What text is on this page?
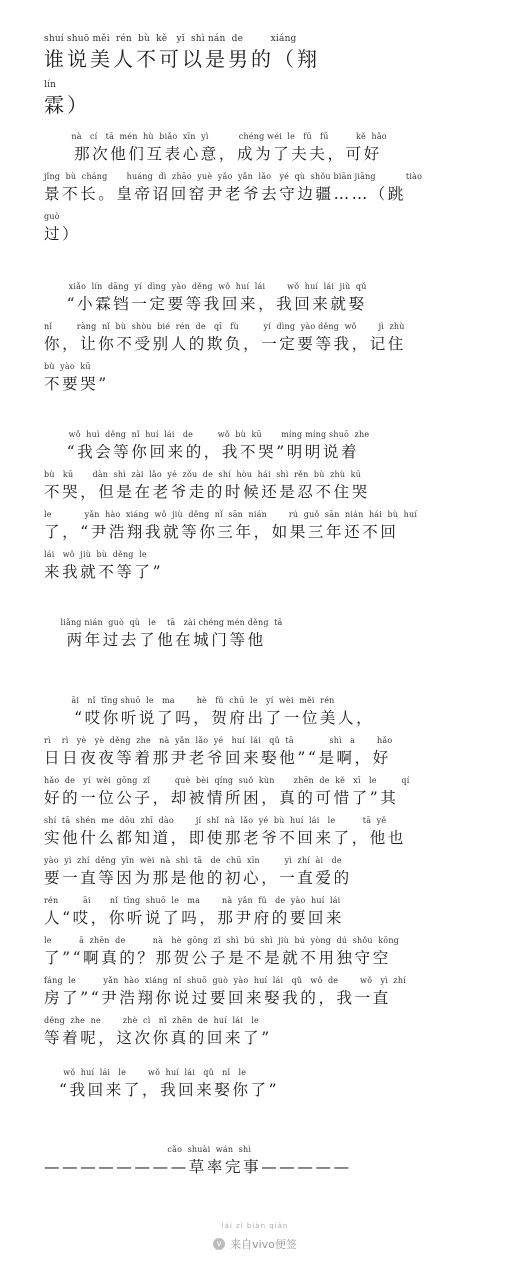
shuí shuō měi  rén  bù  kě   yǐ  shì nán  de         xiáng
谁说美人不可以是男的（翔
lín
霖）
nà   cí   tā  mén  hù  biǎo  xīn  yì           chéng wéi  le   fū   fū          kě  hǎo
那次他们互表心意，成为了夫夫，可好
jǐng  bù  cháng       huáng  dì  zhāo  yuè  yǎo  yǎn  lǎo   yé  qù  shǒu biān jiāng           tiào
景不长。皇帝诏回窑尹老爷去守边疆……（跳
guò
过）
xiǎo  lín  dāng  yí  dìng  yào  děng  wǒ  huí  lái        wǒ  huí  lái  jiù  qǔ
“小霖铛一定要等我回来，我回来就娶
nǐ         ràng  nǐ  bù  shòu  bié  rén  de   qī   fù         yí  dìng  yào děng  wǒ        jì  zhù
你，让你不受别人的欺负，一定要等我，记住
bù  yào  kū
不要哭”
wǒ  huì  děng  nǐ  huí  lái   de         wǒ  bù  kū       míng míng shuō  zhe
“我会等你回来的，我不哭”明明说着
bù   kū       dàn  shì  zài  lǎo  yé  zǒu  de  shí  hòu  hái  shì  rěn  bù  zhù  kū
不哭，但是在老爷走的时候还是忍不住哭
le            yǎn  hào  xiáng  wǒ  jiù  děng  nǐ  sān  nián        rú  guǒ  sān  nián  hái  bù  huí
了，“尹浩翔我就等你三年，如果三年还不回
lái   wǒ  jiù  bù  děng  le
来我就不等了”
liǎng nián  guò  qù   le    tā   zài chéng mén děng  tā
两年过去了他在城门等他
āi   nǐ  tīng shuō  le   ma        hè   fǔ  chū  le   yí  wèi  měi  rén
“哎你听说了吗，贺府出了一位美人，
rì    rì   yè   yè  děng  zhe   nà  yǎn  lǎo  yé   huí  lái   qǔ  tā             shì   a        hǎo
日日夜夜等着那尹老爷回来娶他”“是啊，好
hǎo  de   yí  wèi  gōng  zǐ         què  bèi  qíng  suǒ  kùn       zhēn  de  kě   xī   le         qí
好的一位公子，却被情所困，真的可惜了”其
shí  tā  shén  me  dōu  zhī  dào        jí  shǐ  nà  lǎo  yé  bù  huí  lái   le          tā  yě
实他什么都知道，即使那老爷不回来了，他也
yào  yì  zhí  děng  yīn  wèi  nà  shì  tā   de  chū  xīn         yì  zhí  ài   de
要一直等因为那是他的初心，一直爱的
rén         āi       nǐ  tīng  shuō  le   ma        nà  yǎn  fǔ   de  yào  huí  lái
人“哎，你听说了吗，那尹府的要回来
le          ā  zhēn  de          nà   hè  gōng  zǐ  shì  bú  shì  jiù  bú  yòng  dú  shǒu  kōng
了”“啊真的？那贺公子是不是就不用独守空
fáng  le          yǎn  hào  xiáng  nǐ  shuō  guò  yào  huí  lái   qǔ   wǒ  de        wǒ   yì  zhí
房了”“尹浩翔你说过要回来娶我的，我一直
děng  zhe  ne        zhè  cì   nǐ  zhēn  de  huí  lái   le
等着呢，这次你真的回来了”
wǒ  huí  lái   le        wǒ  huí  lái   qǔ   nǐ   le
“我回来了，我回来娶你了”
cǎo  shuài  wán  shì
————————草率完事—————
lái zì biàn qiān
v 来自vivo便签
